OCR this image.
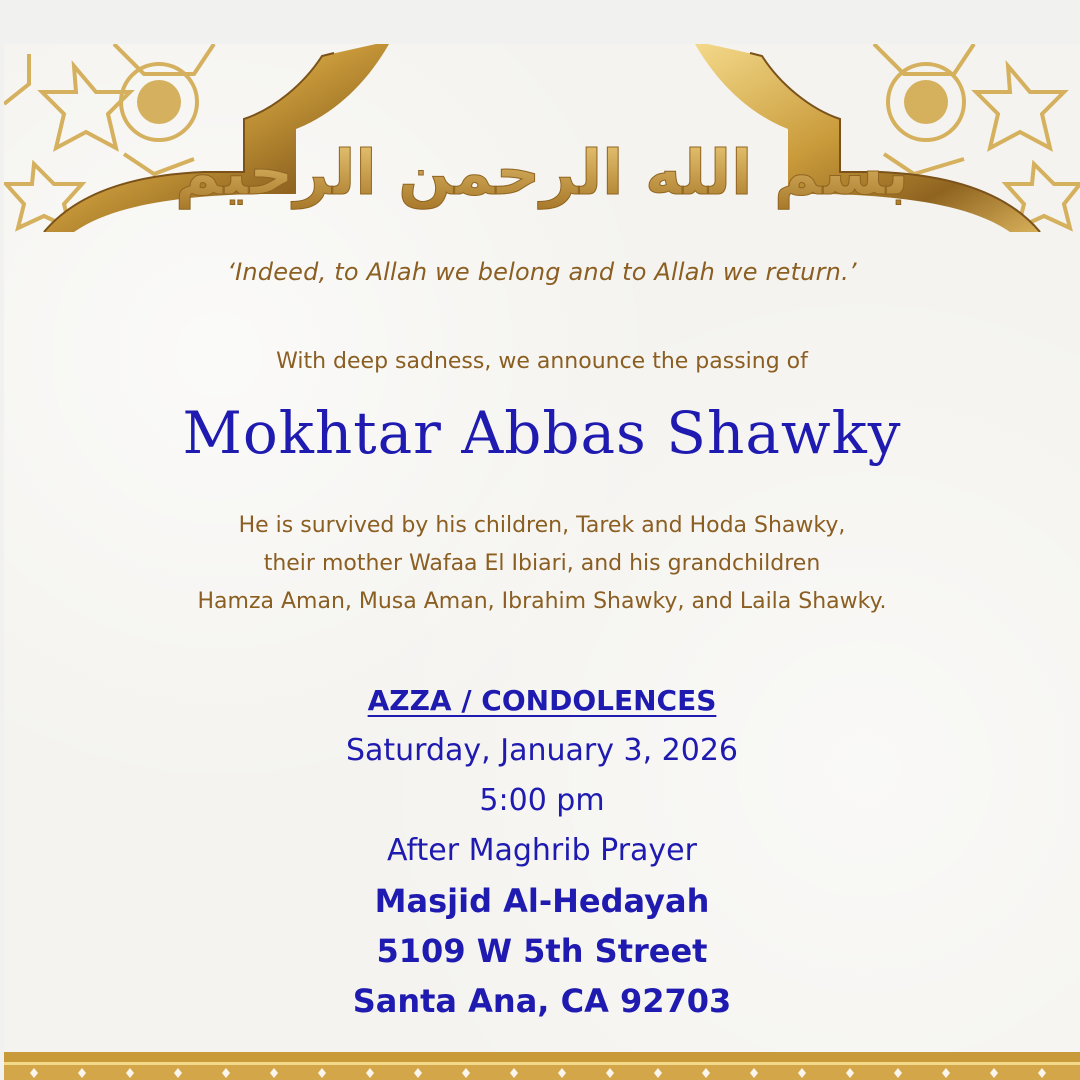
بسم الله الرحمن الرحيم
‘Indeed, to Allah we belong and to Allah we return.’
With deep sadness, we announce the passing of
Mokhtar Abbas Shawky
He is survived by his children, Tarek and Hoda Shawky,
their mother Wafaa El Ibiari, and his grandchildren
Hamza Aman, Musa Aman, Ibrahim Shawky, and Laila Shawky.
AZZA / CONDOLENCES
Saturday, January 3, 2026
5:00 pm
After Maghrib Prayer
Masjid Al-Hedayah
5109 W 5th Street
Santa Ana, CA 92703
